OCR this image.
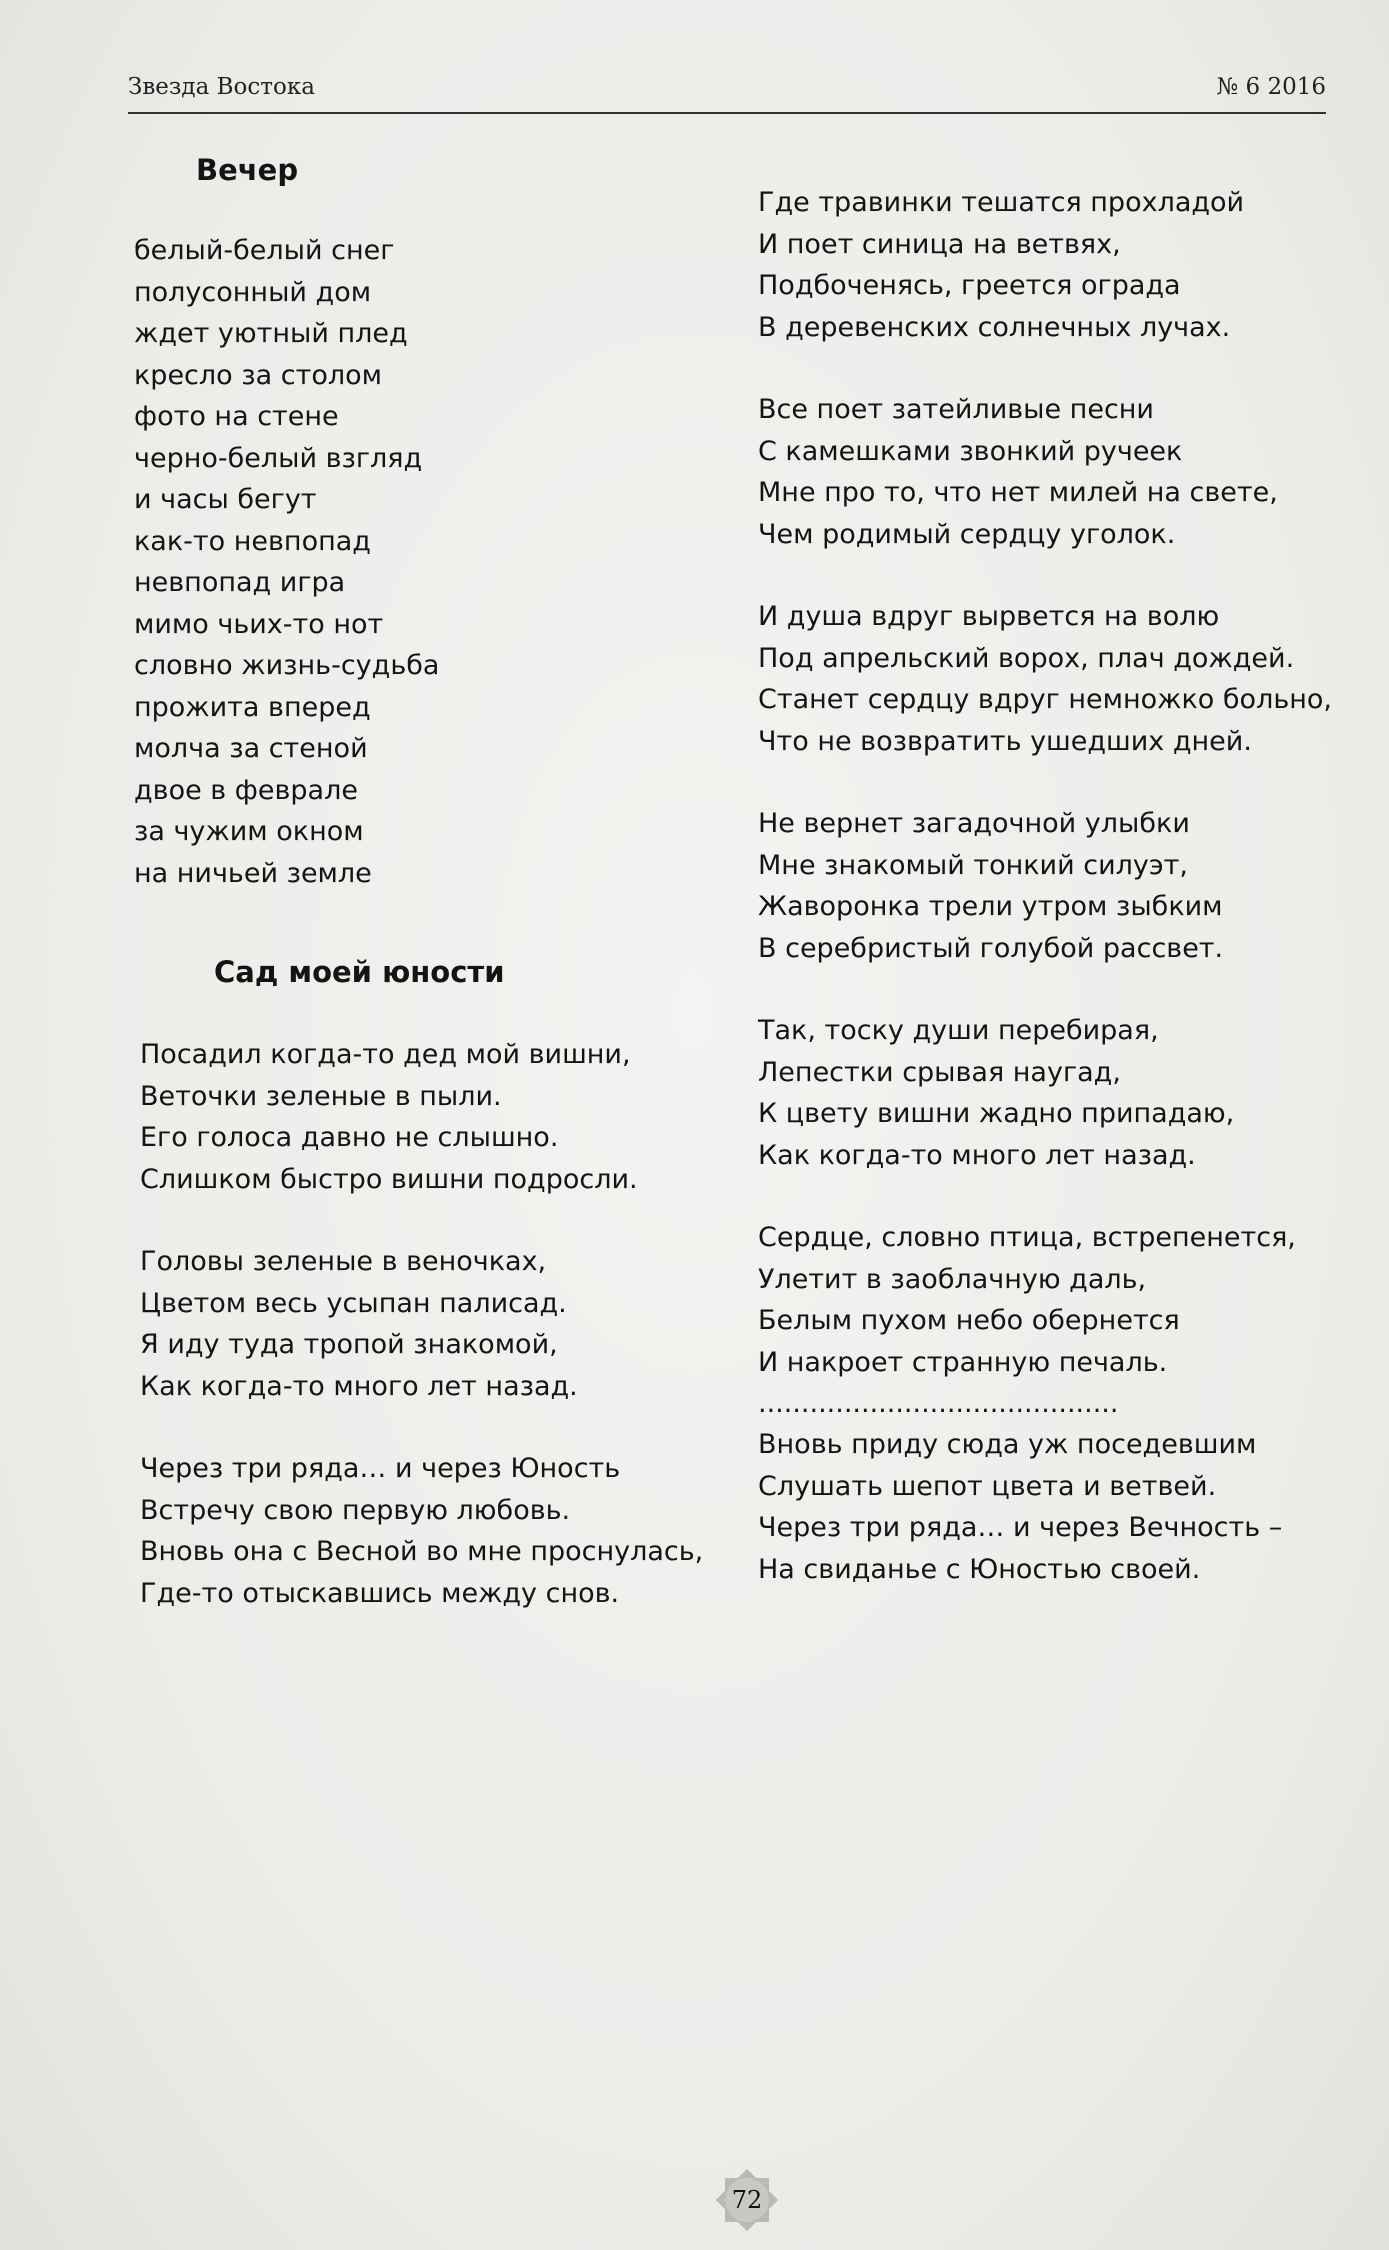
Звезда Востока	№ 6 2016
Вечер
белый-белый снег
полусонный дом
ждет уютный плед
кресло за столом
фото на стене
черно-белый взгляд
и часы бегут
как-то невпопад
невпопад игра
мимо чьих-то нот
словно жизнь-судьба
прожита вперед
молча за стеной
двое в феврале
за чужим окном
на ничьей земле
Сад моей юности
Посадил когда-то дед мой вишни,
Веточки зеленые в пыли.
Его голоса давно не слышно.
Слишком быстро вишни подросли.
Головы зеленые в веночках,
Цветом весь усыпан палисад.
Я иду туда тропой знакомой,
Как когда-то много лет назад.
Через три ряда… и через Юность
Встречу свою первую любовь.
Вновь она с Весной во мне проснулась,
Где-то отыскавшись между снов.
Где травинки тешатся прохладой
И поет синица на ветвях,
Подбоченясь, греется ограда
В деревенских солнечных лучах.
Все поет затейливые песни
С камешками звонкий ручеек
Мне про то, что нет милей на свете,
Чем родимый сердцу уголок.
И душа вдруг вырвется на волю
Под апрельский ворох, плач дождей.
Станет сердцу вдруг немножко больно,
Что не возвратить ушедших дней.
Не вернет загадочной улыбки
Мне знакомый тонкий силуэт,
Жаворонка трели утром зыбким
В серебристый голубой рассвет.
Так, тоску души перебирая,
Лепестки срывая наугад,
К цвету вишни жадно припадаю,
Как когда-то много лет назад.
Сердце, словно птица, встрепенется,
Улетит в заоблачную даль,
Белым пухом небо обернется
И накроет странную печаль.
..........................................
Вновь приду сюда уж поседевшим
Слушать шепот цвета и ветвей.
Через три ряда… и через Вечность –
На свиданье с Юностью своей.
72
